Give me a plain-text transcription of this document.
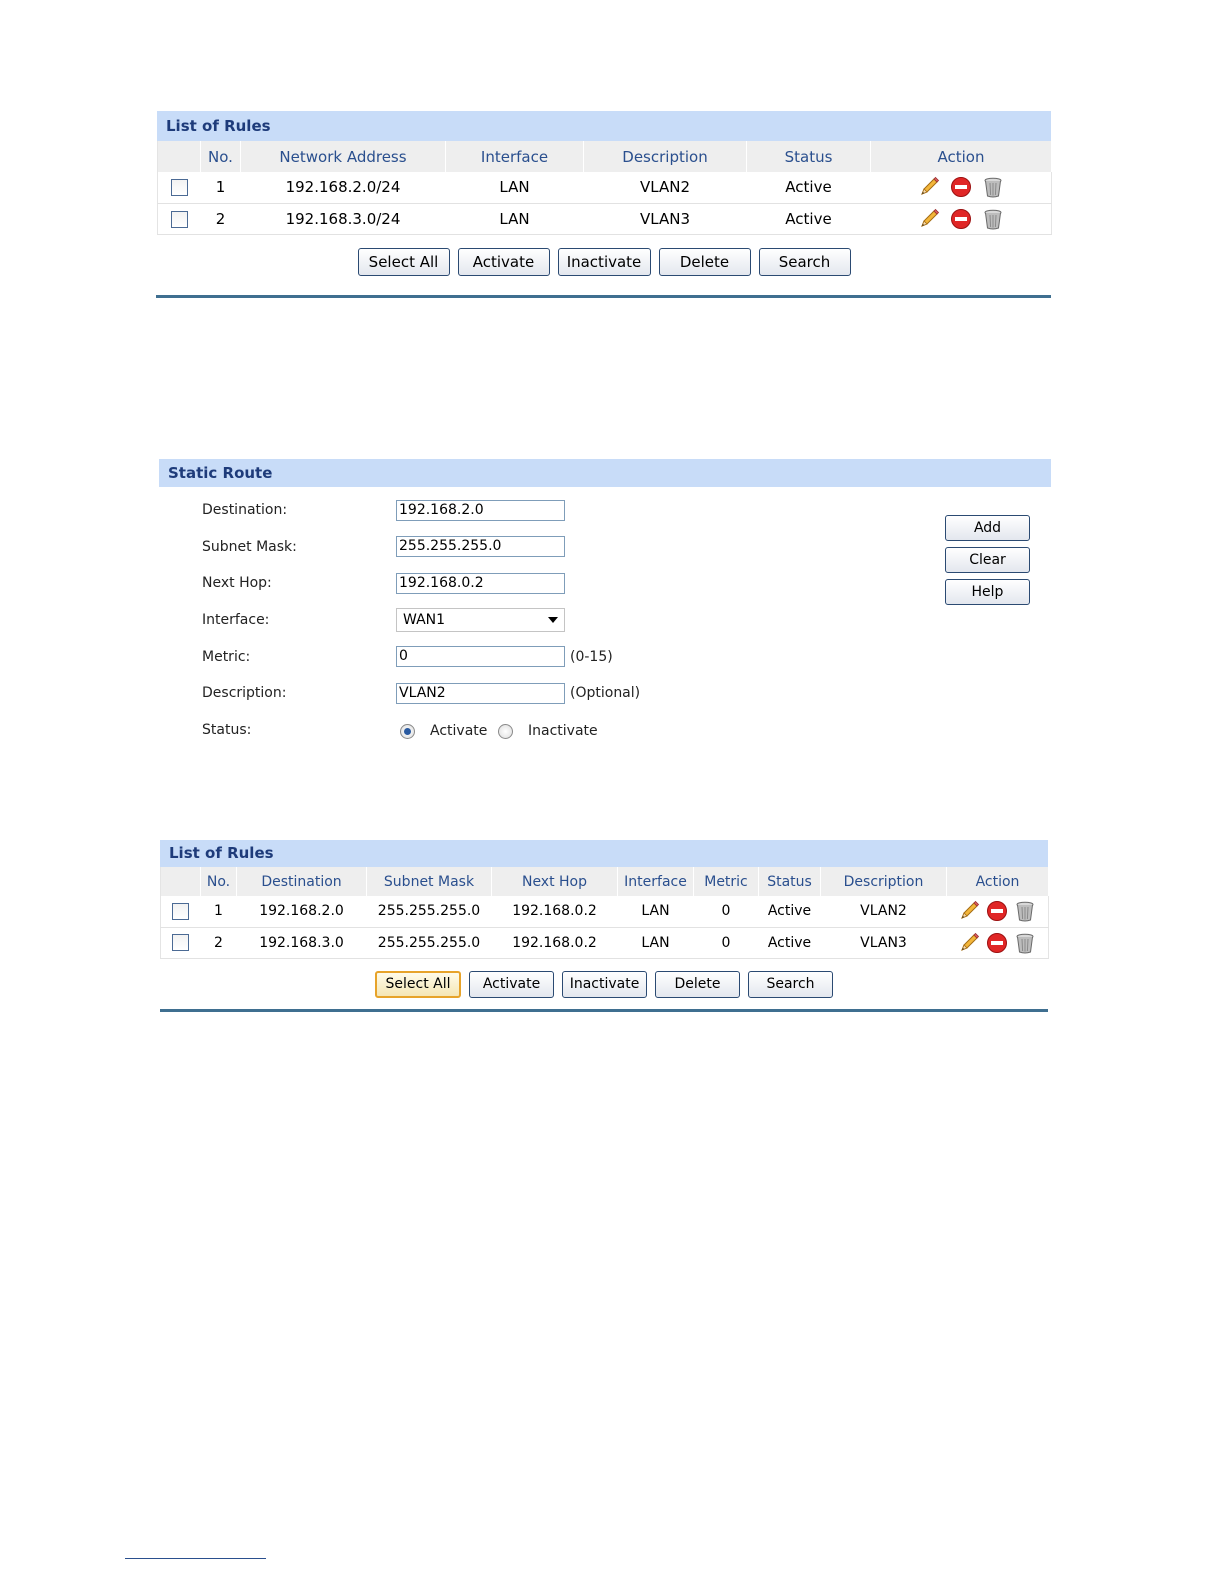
List of Rules
	No.	Network Address	Interface	Description	Status	Action
	1	192.168.2.0/24	LAN	VLAN2	Active	

	2	192.168.3.0/24	LAN	VLAN3	Active	
Select All	Activate	Inactivate	Delete	Search
Static Route
Destination:	192.168.2.0
Subnet Mask:	255.255.255.0
Next Hop:	192.168.0.2
Interface:	WAN1
Metric:	0	(0-15)
Description:	VLAN2	(Optional)
Status:	Activate	Inactivate
Add
Clear
Help
List of Rules
	No.	Destination	Subnet Mask	Next Hop	Interface	Metric	Status	Description	Action
	1	192.168.2.0	255.255.255.0	192.168.0.2	LAN	0	Active	VLAN2	

	2	192.168.3.0	255.255.255.0	192.168.0.2	LAN	0	Active	VLAN3	
Select All	Activate	Inactivate	Delete	Search
